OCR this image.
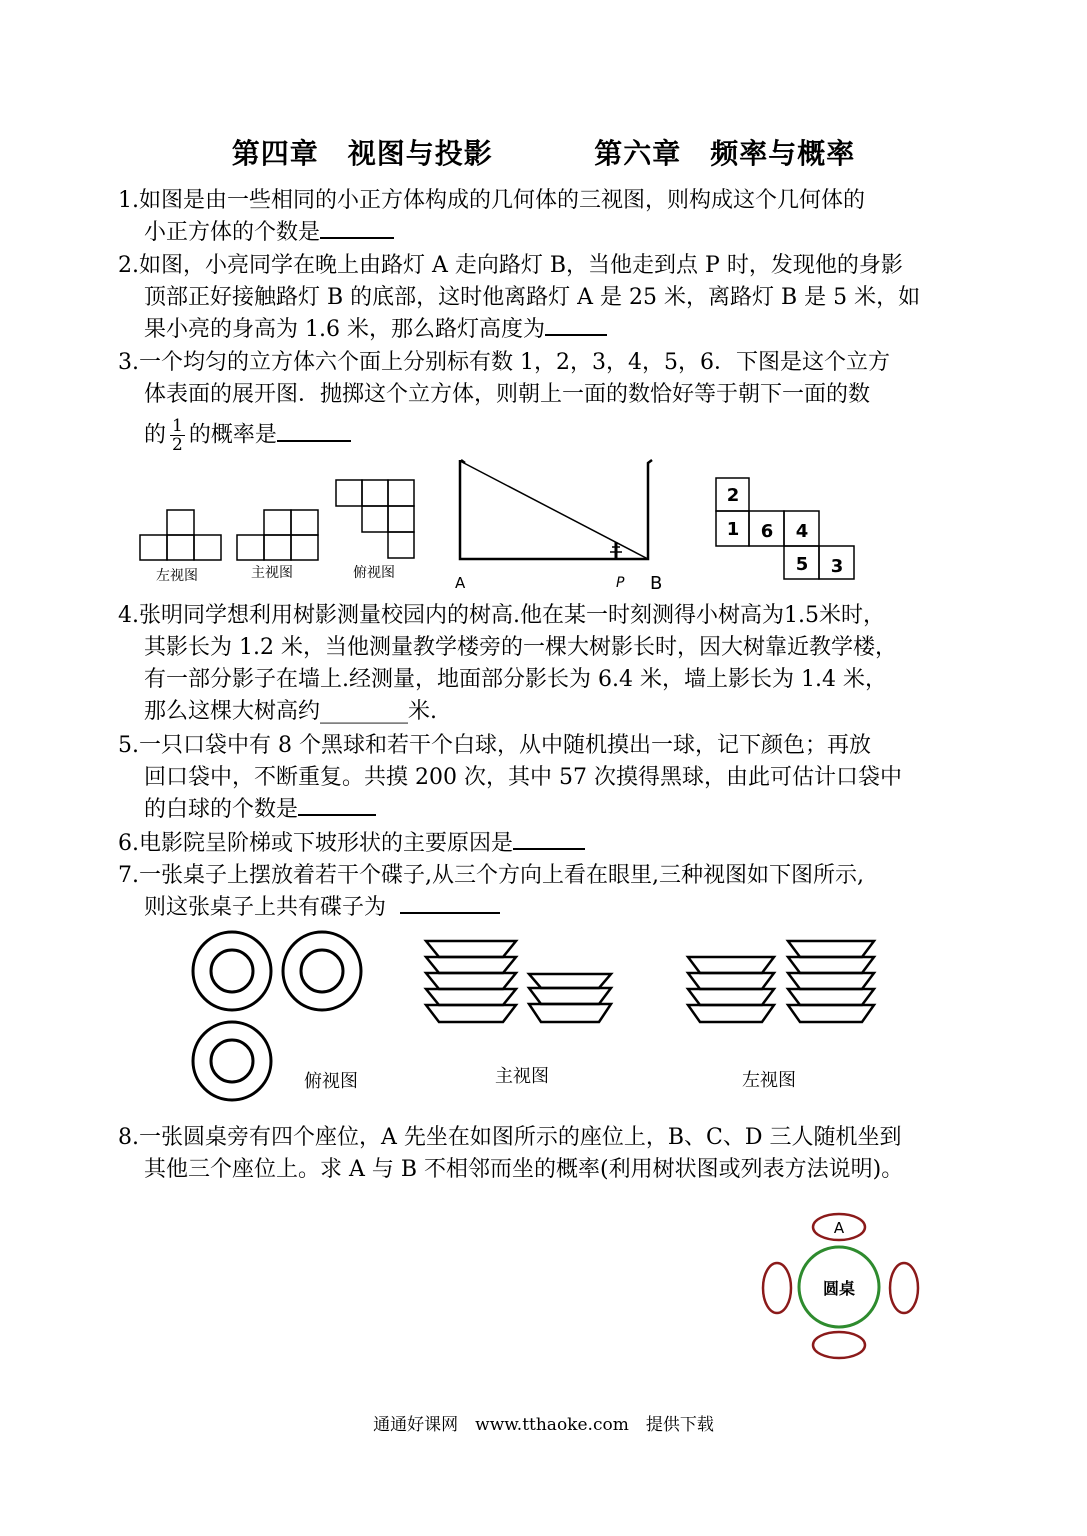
第四章　视图与投影	第六章　频率与概率
1.如图是由一些相同的小正方体构成的几何体的三视图，则构成这个几何体的
小正方体的个数是
2.如图，小亮同学在晚上由路灯 A 走向路灯 B，当他走到点 P 时，发现他的身影
顶部正好接触路灯 B 的底部，这时他离路灯 A 是 25 米，离路灯 B 是 5 米，如
果小亮的身高为 1.6 米，那么路灯高度为
3.一个均匀的立方体六个面上分别标有数 1，2，3，4，5，6．下图是这个立方
体表面的展开图．抛掷这个立方体，则朝上一面的数恰好等于朝下一面的数
的 $\frac{1}{2}$ 的概率是
左视图	主视图	俯视图
A	P B
2
1 6 4
5 3
4.张明同学想利用树影测量校园内的树高.他在某一时刻测得小树高为1.5米时，
其影长为 1.2 米，当他测量教学楼旁的一棵大树影长时，因大树靠近教学楼，
有一部分影子在墙上.经测量，地面部分影长为 6.4 米，墙上影长为 1.4 米，
那么这棵大树高约________米.
5.一只口袋中有 8 个黑球和若干个白球，从中随机摸出一球，记下颜色；再放
回口袋中，不断重复。共摸 200 次，其中 57 次摸得黑球，由此可估计口袋中
的白球的个数是
6.电影院呈阶梯或下坡形状的主要原因是
7.一张桌子上摆放着若干个碟子,从三个方向上看在眼里,三种视图如下图所示,
则这张桌子上共有碟子为
俯视图	主视图	左视图
8.一张圆桌旁有四个座位，A 先坐在如图所示的座位上，B、C、D 三人随机坐到
其他三个座位上。求 A 与 B 不相邻而坐的概率(利用树状图或列表方法说明)。
A
圆桌
通通好课网　www.tthaoke.com　提供下载
